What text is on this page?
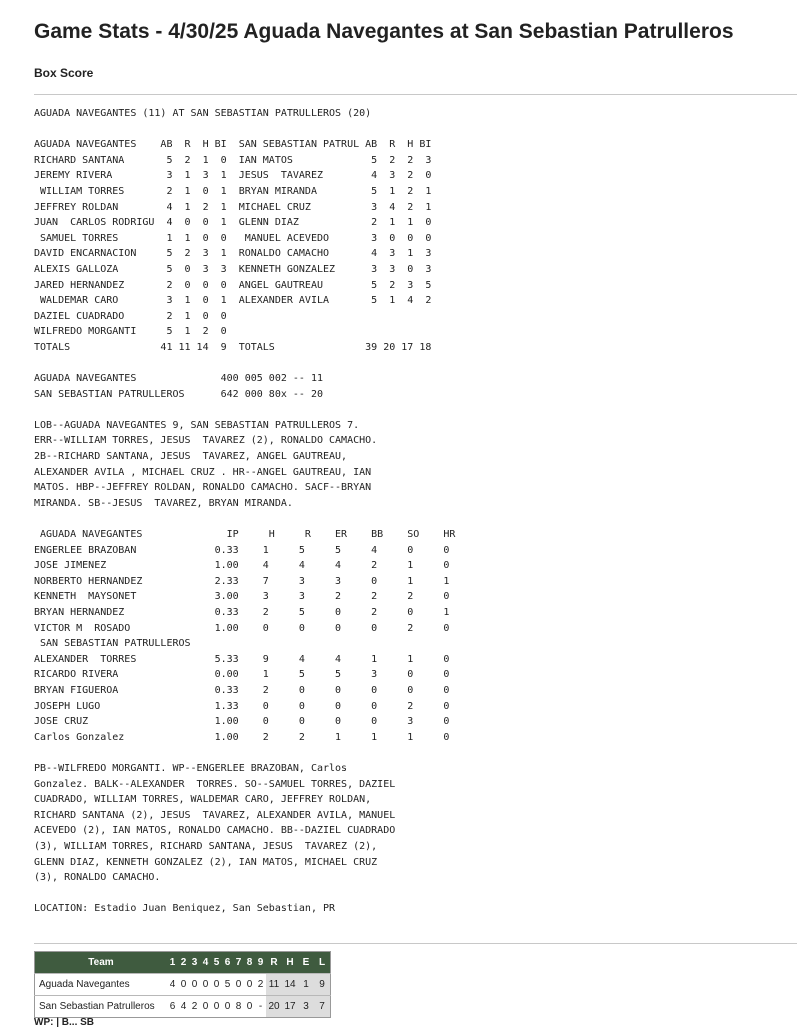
Game Stats - 4/30/25 Aguada Navegantes at San Sebastian Patrulleros
Box Score
AGUADA NAVEGANTES (11) AT SAN SEBASTIAN PATRULLEROS (20)

AGUADA NAVEGANTES    AB  R  H BI  SAN SEBASTIAN PATRUL AB  R  H BI
RICHARD SANTANA       5  2  1  0  IAN MATOS             5  2  2  3
JEREMY RIVERA         3  1  3  1  JESUS  TAVAREZ        4  3  2  0
WILLIAM TORRES       2  1  0  1  BRYAN MIRANDA         5  1  2  1
JEFFREY ROLDAN        4  1  2  1  MICHAEL CRUZ          3  4  2  1
JUAN  CARLOS RODRIGU  4  0  0  1  GLENN DIAZ            2  1  1  0
SAMUEL TORRES        1  1  0  0   MANUEL ACEVEDO       3  0  0  0
DAVID ENCARNACION     5  2  3  1  RONALDO CAMACHO       4  3  1  3
ALEXIS GALLOZA        5  0  3  3  KENNETH GONZALEZ      3  3  0  3
JARED HERNANDEZ       2  0  0  0  ANGEL GAUTREAU        5  2  3  5
WALDEMAR CARO        3  1  0  1  ALEXANDER AVILA       5  1  4  2
DAZIEL CUADRADO       2  1  0  0
WILFREDO MORGANTI     5  1  2  0
TOTALS               41 11 14  9  TOTALS               39 20 17 18

AGUADA NAVEGANTES              400 005 002 -- 11
SAN SEBASTIAN PATRULLEROS      642 000 80x -- 20

LOB--AGUADA NAVEGANTES 9, SAN SEBASTIAN PATRULLEROS 7.
ERR--WILLIAM TORRES, JESUS  TAVAREZ (2), RONALDO CAMACHO.
2B--RICHARD SANTANA, JESUS  TAVAREZ, ANGEL GAUTREAU,
ALEXANDER AVILA , MICHAEL CRUZ . HR--ANGEL GAUTREAU, IAN
MATOS. HBP--JEFFREY ROLDAN, RONALDO CAMACHO. SACF--BRYAN
MIRANDA. SB--JESUS  TAVAREZ, BRYAN MIRANDA.

AGUADA NAVEGANTES              IP     H     R    ER    BB    SO    HR
ENGERLEE BRAZOBAN             0.33    1     5     5     4     0     0
JOSE JIMENEZ                  1.00    4     4     4     2     1     0
NORBERTO HERNANDEZ            2.33    7     3     3     0     1     1
KENNETH  MAYSONET             3.00    3     3     2     2     2     0
BRYAN HERNANDEZ               0.33    2     5     0     2     0     1
VICTOR M  ROSADO              1.00    0     0     0     0     2     0
SAN SEBASTIAN PATRULLEROS
ALEXANDER  TORRES             5.33    9     4     4     1     1     0
RICARDO RIVERA                0.00    1     5     5     3     0     0
BRYAN FIGUEROA                0.33    2     0     0     0     0     0
JOSEPH LUGO                   1.33    0     0     0     0     2     0
JOSE CRUZ                     1.00    0     0     0     0     3     0
Carlos Gonzalez               1.00    2     2     1     1     1     0

PB--WILFREDO MORGANTI. WP--ENGERLEE BRAZOBAN, Carlos
Gonzalez. BALK--ALEXANDER  TORRES. SO--SAMUEL TORRES, DAZIEL
CUADRADO, WILLIAM TORRES, WALDEMAR CARO, JEFFREY ROLDAN,
RICHARD SANTANA (2), JESUS  TAVAREZ, ALEXANDER AVILA, MANUEL
ACEVEDO (2), IAN MATOS, RONALDO CAMACHO. BB--DAZIEL CUADRADO
(3), WILLIAM TORRES, RICHARD SANTANA, JESUS  TAVAREZ (2),
GLENN DIAZ, KENNETH GONZALEZ (2), IAN MATOS, MICHAEL CRUZ
(3), RONALDO CAMACHO.

LOCATION: Estadio Juan Beniquez, San Sebastian, PR
Team	1	2	3	4	5	6	7	8	9	R	H	E	L
Aguada Navegantes	4	0	0	0	0	5	0	0	2	11	14	1	9
San Sebastian Patrulleros	6	4	2	0	0	0	8	0	-	20	17	3	7

WP: | B... SB
